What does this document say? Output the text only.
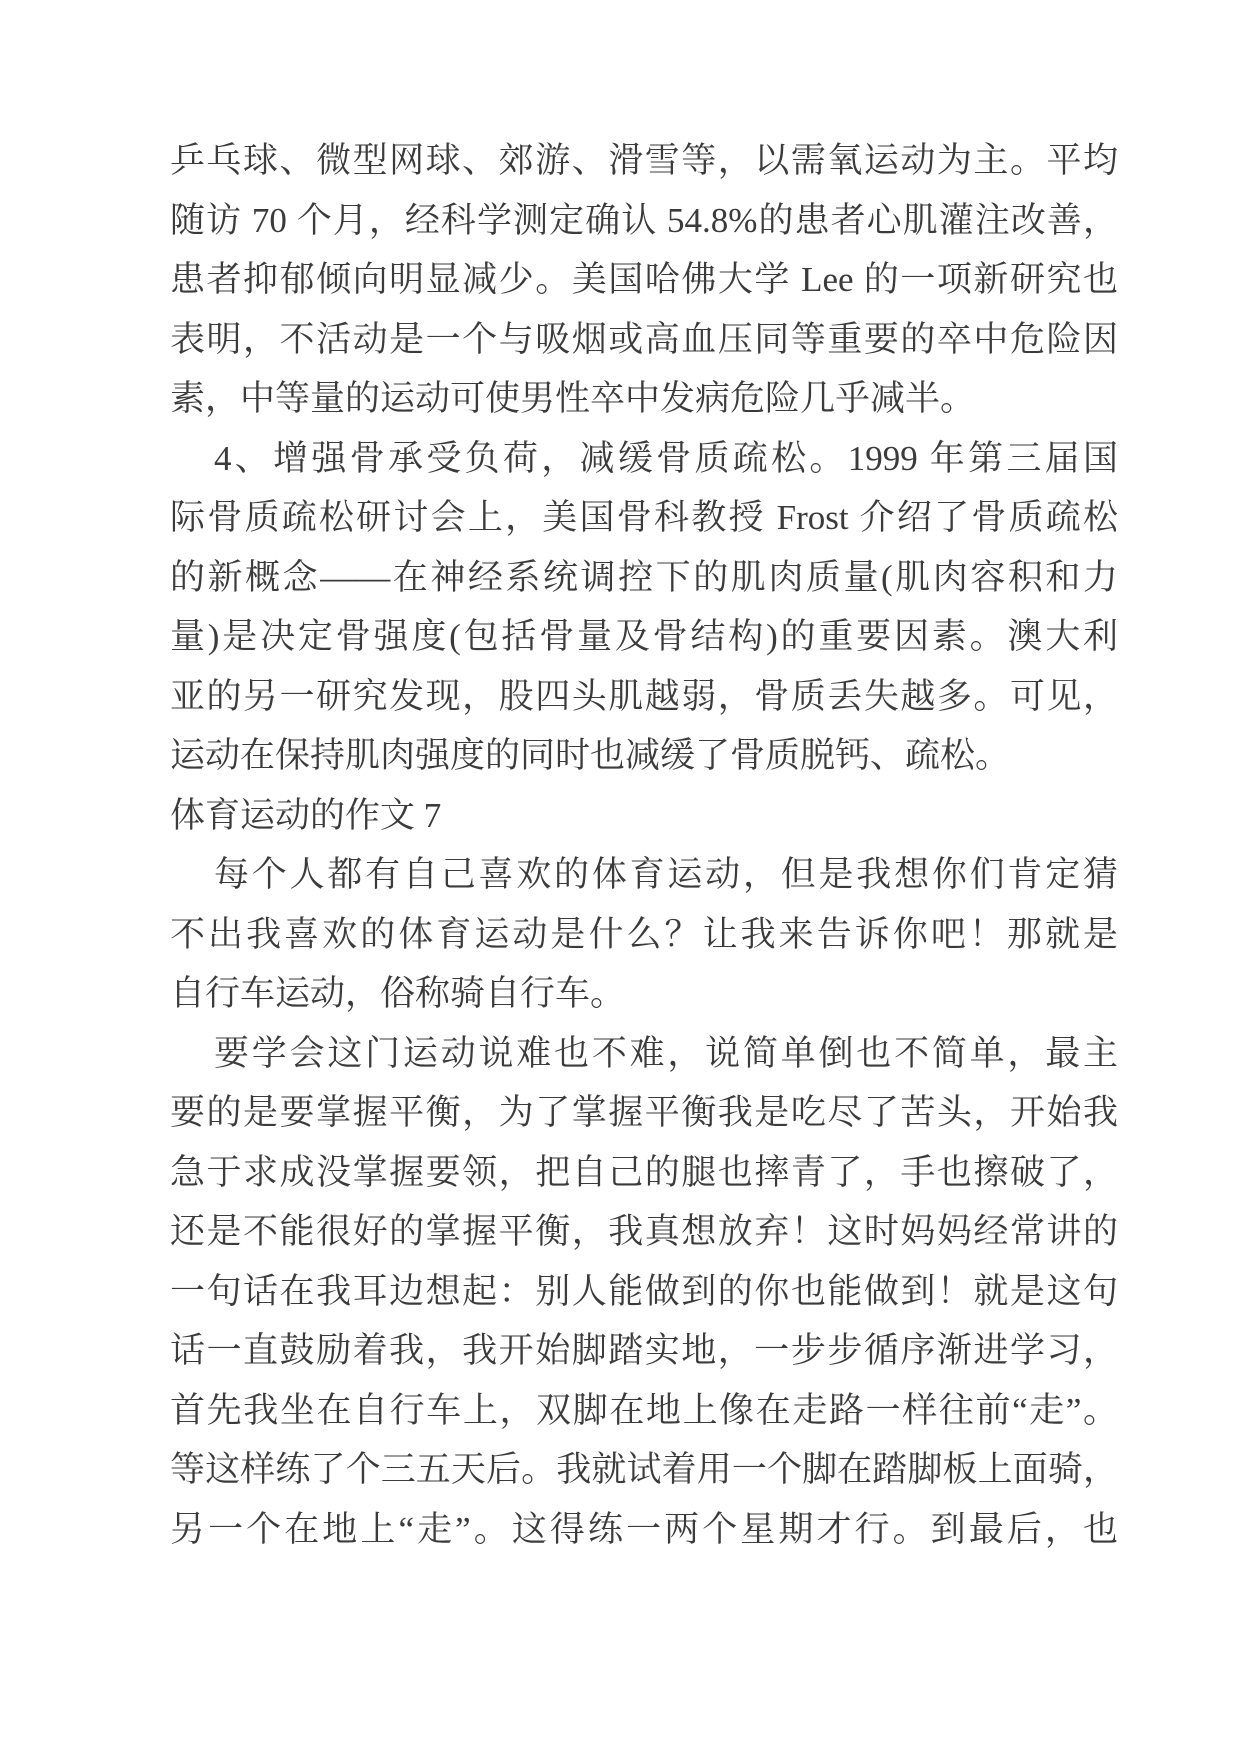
乒乓球、微型网球、郊游、滑雪等，以需氧运动为主。平均
随访 70 个月，经科学测定确认 54.8%的患者心肌灌注改善，
患者抑郁倾向明显减少。美国哈佛大学 Lee 的一项新研究也
表明，不活动是一个与吸烟或高血压同等重要的卒中危险因
素，中等量的运动可使男性卒中发病危险几乎减半。
4、增强骨承受负荷，减缓骨质疏松。1999 年第三届国
际骨质疏松研讨会上，美国骨科教授 Frost 介绍了骨质疏松
的新概念——在神经系统调控下的肌肉质量(肌肉容积和力
量)是决定骨强度(包括骨量及骨结构)的重要因素。澳大利
亚的另一研究发现，股四头肌越弱，骨质丢失越多。可见，
运动在保持肌肉强度的同时也减缓了骨质脱钙、疏松。
体育运动的作文 7
每个人都有自己喜欢的体育运动，但是我想你们肯定猜
不出我喜欢的体育运动是什么？让我来告诉你吧！那就是
自行车运动，俗称骑自行车。
要学会这门运动说难也不难，说简单倒也不简单，最主
要的是要掌握平衡，为了掌握平衡我是吃尽了苦头，开始我
急于求成没掌握要领，把自己的腿也摔青了，手也擦破了，
还是不能很好的掌握平衡，我真想放弃！这时妈妈经常讲的
一句话在我耳边想起：别人能做到的你也能做到！就是这句
话一直鼓励着我，我开始脚踏实地，一步步循序渐进学习，
首先我坐在自行车上，双脚在地上像在走路一样往前“走”。
等这样练了个三五天后。我就试着用一个脚在踏脚板上面骑，
另一个在地上“走”。这得练一两个星期才行。到最后，也
